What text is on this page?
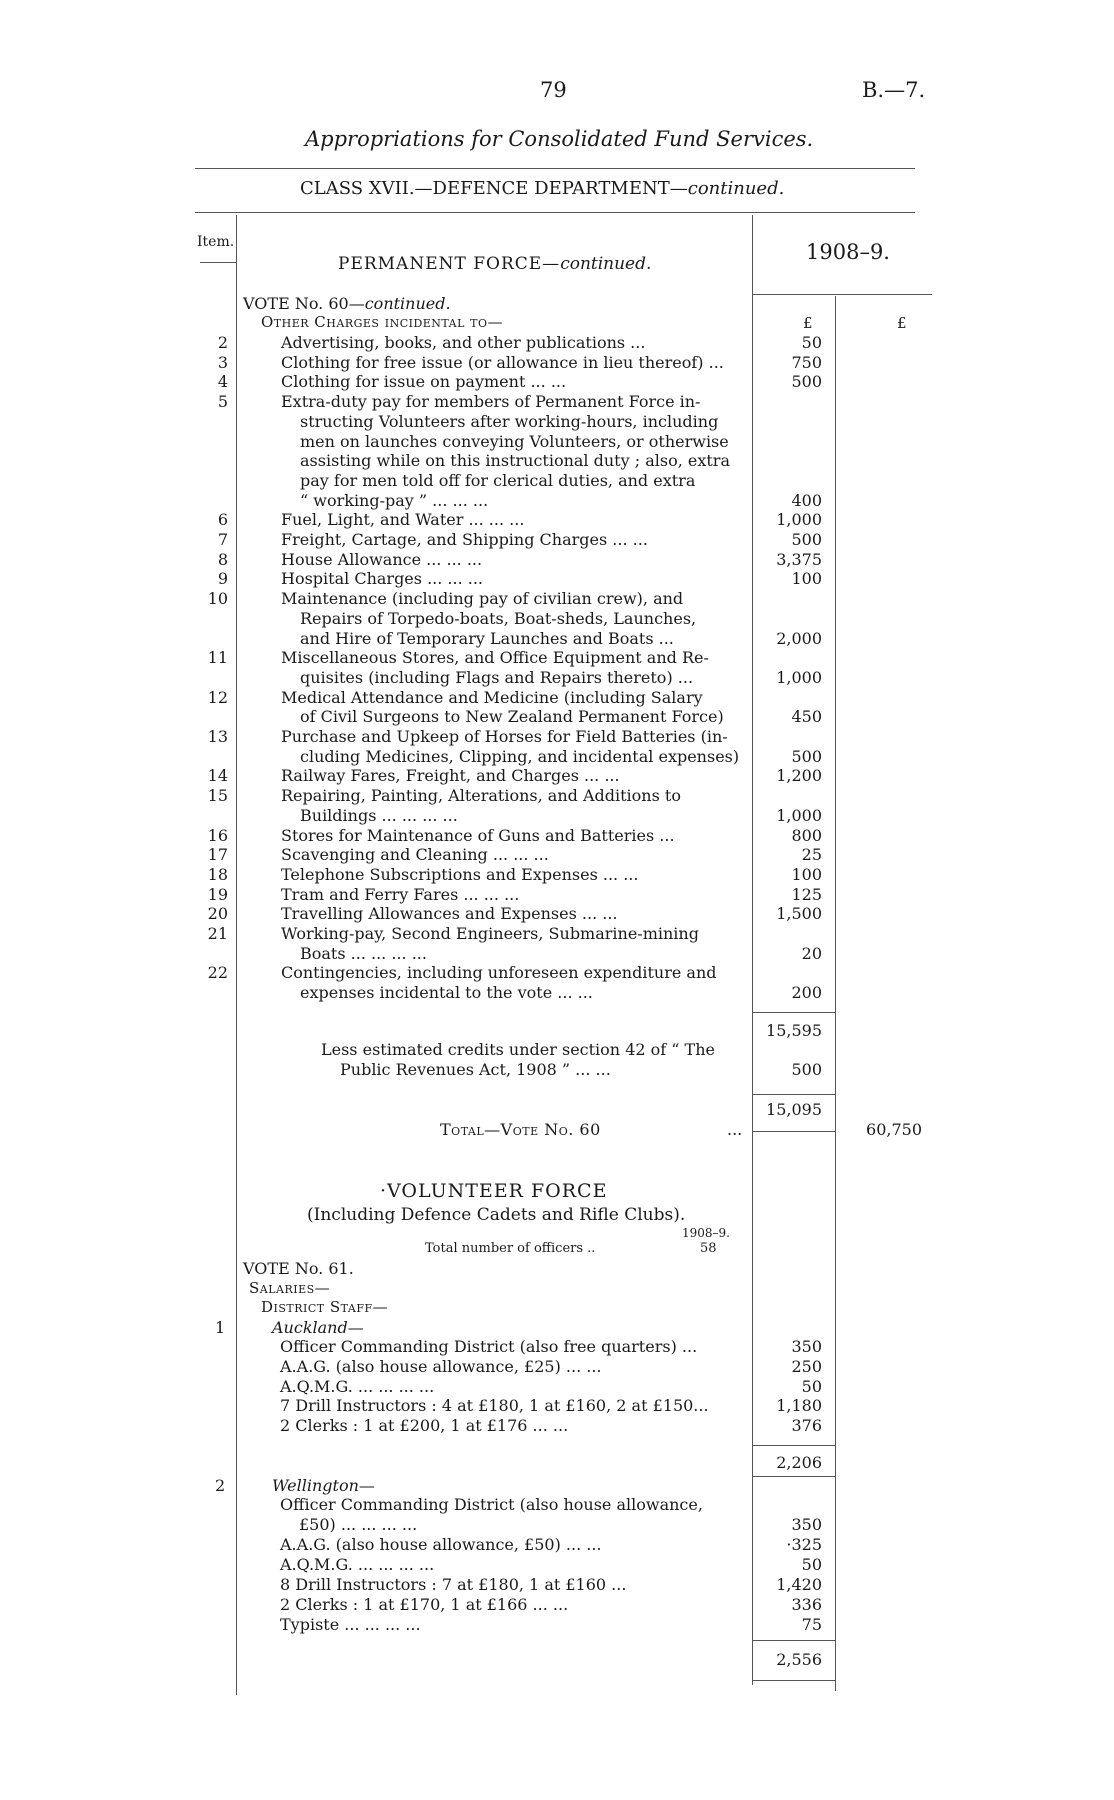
79	B.—7.
Appropriations for Consolidated Fund Services.
CLASS XVII.—DEFENCE DEPARTMENT—continued.
Item.
PERMANENT FORCE—continued.	1908–9.
VOTE No. 60—continued.
Other Charges incidental to—	£	£
2	Advertising, books, and other publications ...	50
3	Clothing for free issue (or allowance in lieu thereof) ...	750
4	Clothing for issue on payment ... ...	500
5	Extra-duty pay for members of Permanent Force in-
structing Volunteers after working-hours, including
men on launches conveying Volunteers, or otherwise
assisting while on this instructional duty ; also, extra
pay for men told off for clerical duties, and extra
“ working-pay ” ... ... ...	400
6	Fuel, Light, and Water ... ... ...	1,000
7	Freight, Cartage, and Shipping Charges ... ...	500
8	House Allowance ... ... ...	3,375
9	Hospital Charges ... ... ...	100
10	Maintenance (including pay of civilian crew), and
Repairs of Torpedo-boats, Boat-sheds, Launches,
and Hire of Temporary Launches and Boats ...	2,000
11	Miscellaneous Stores, and Office Equipment and Re-
quisites (including Flags and Repairs thereto) ...	1,000
12	Medical Attendance and Medicine (including Salary
of Civil Surgeons to New Zealand Permanent Force)	450
13	Purchase and Upkeep of Horses for Field Batteries (in-
cluding Medicines, Clipping, and incidental expenses)	500
14	Railway Fares, Freight, and Charges ... ...	1,200
15	Repairing, Painting, Alterations, and Additions to
Buildings ... ... ... ...	1,000
16	Stores for Maintenance of Guns and Batteries ...	800
17	Scavenging and Cleaning ... ... ...	25
18	Telephone Subscriptions and Expenses ... ...	100
19	Tram and Ferry Fares ... ... ...	125
20	Travelling Allowances and Expenses ... ...	1,500
21	Working-pay, Second Engineers, Submarine-mining
Boats ... ... ... ...	20
22	Contingencies, including unforeseen expenditure and
expenses incidental to the vote ... ...	200
15,595
Less estimated credits under section 42 of “ The
Public Revenues Act, 1908 ” ... ...	500
15,095
Total—Vote No. 60	...	60,750
·VOLUNTEER FORCE
(Including Defence Cadets and Rifle Clubs).
1908–9.
Total number of officers ..	58
VOTE No. 61.
Salaries—
District Staff—
1	Auckland—
Officer Commanding District (also free quarters) ...	350
A.A.G. (also house allowance, £25) ... ...	250
A.Q.M.G. ... ... ... ...	50
7 Drill Instructors : 4 at £180, 1 at £160, 2 at £150...	1,180
2 Clerks : 1 at £200, 1 at £176 ... ...	376
2,206
2	Wellington—
Officer Commanding District (also house allowance,
£50) ... ... ... ...	350
A.A.G. (also house allowance, £50) ... ...	·325
A.Q.M.G. ... ... ... ...	50
8 Drill Instructors : 7 at £180, 1 at £160 ...	1,420
2 Clerks : 1 at £170, 1 at £166 ... ...	336
Typiste ... ... ... ...	75
2,556
